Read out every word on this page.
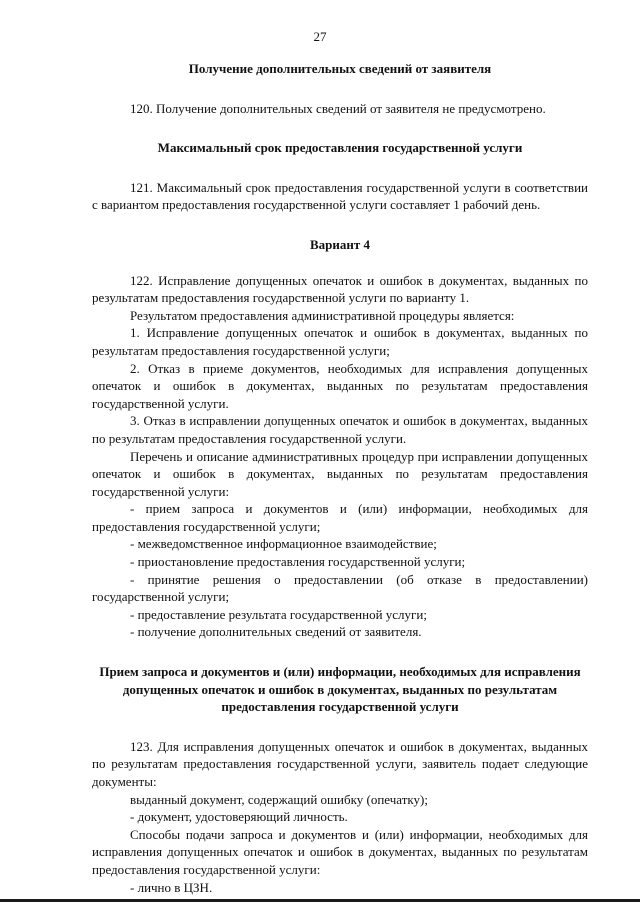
27
Получение дополнительных сведений от заявителя

120. Получение дополнительных сведений от заявителя не предусмотрено.

Максимальный срок предоставления государственной услуги

121. Максимальный срок предоставления государственной услуги в соответствии с вариантом предоставления государственной услуги составляет 1 рабочий день.

Вариант 4

122. Исправление допущенных опечаток и ошибок в документах, выданных по результатам предоставления государственной услуги по варианту 1.

Результатом предоставления административной процедуры является:

1. Исправление допущенных опечаток и ошибок в документах, выданных по результатам предоставления государственной услуги;

2. Отказ в приеме документов, необходимых для исправления допущенных опечаток и ошибок в документах, выданных по результатам предоставления государственной услуги.

3. Отказ в исправлении допущенных опечаток и ошибок в документах, выданных по результатам предоставления государственной услуги.

Перечень и описание административных процедур при исправлении допущенных опечаток и ошибок в документах, выданных по результатам предоставления государственной услуги:

- прием запроса и документов и (или) информации, необходимых для предоставления государственной услуги;

- межведомственное информационное взаимодействие;

- приостановление предоставления государственной услуги;

- принятие решения о предоставлении (об отказе в предоставлении) государственной услуги;

- предоставление результата государственной услуги;

- получение дополнительных сведений от заявителя.

Прием запроса и документов и (или) информации, необходимых для исправления допущенных опечаток и ошибок в документах, выданных по результатам предоставления государственной услуги

123. Для исправления допущенных опечаток и ошибок в документах, выданных по результатам предоставления государственной услуги, заявитель подает следующие документы:

выданный документ, содержащий ошибку (опечатку);

- документ, удостоверяющий личность.

Способы подачи запроса и документов и (или) информации, необходимых для исправления допущенных опечаток и ошибок в документах, выданных по результатам предоставления государственной услуги:

- лично в ЦЗН.
